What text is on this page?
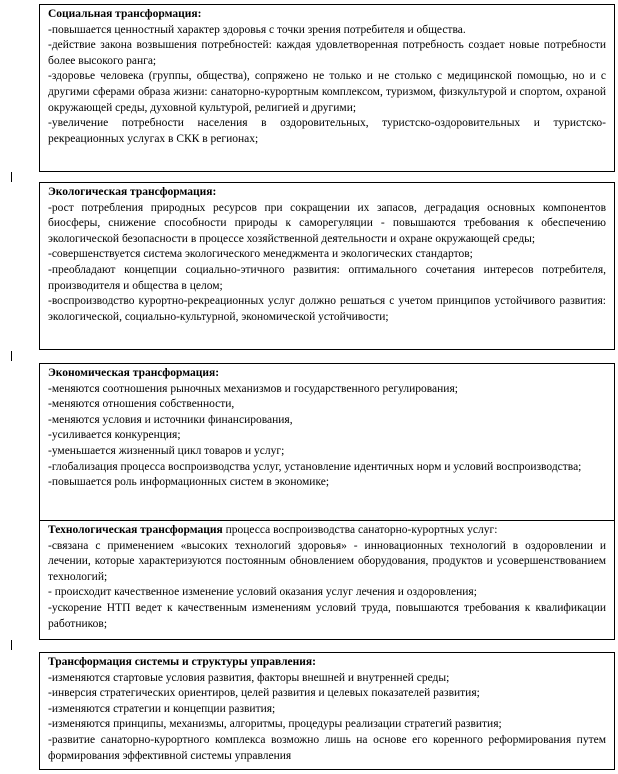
Социальная трансформация:
-повышается ценностный характер здоровья с точки зрения потребителя и общества.
-действие закона возвышения потребностей: каждая удовлетворенная потребность создает новые потребности более высокого ранга;
-здоровье человека (группы, общества), сопряжено не только и не столько с медицинской помощью, но и с другими сферами образа жизни: санаторно-курортным комплексом, туризмом, физкультурой и спортом, охраной окружающей среды, духовной культурой, религией и другими;
-увеличение потребности населения в оздоровительных, туристско-оздоровительных и туристско-рекреационных услугах в СКК в регионах;
Экологическая трансформация:
-рост потребления природных ресурсов при сокращении их запасов, деградация основных компонентов биосферы, снижение способности природы к саморегуляции - повышаются требования к обеспечению экологической безопасности в процессе хозяйственной деятельности и охране окружающей среды;
-совершенствуется система экологического менеджмента и экологических стандартов;
-преобладают концепции социально-этичного развития: оптимального сочетания интересов потребителя, производителя и общества в целом;
-воспроизводство курортно-рекреационных услуг должно решаться с учетом принципов устойчивого развития: экологической, социально-культурной, экономической устойчивости;
Экономическая трансформация:
-меняются соотношения рыночных механизмов и государственного регулирования;
-меняются отношения собственности,
-меняются условия и источники финансирования,
-усиливается конкуренция;
-уменьшается жизненный цикл товаров и услуг;
-глобализация процесса воспроизводства услуг, установление идентичных норм и условий воспроизводства;
-повышается роль информационных систем в экономике;
Технологическая трансформация процесса воспроизводства санаторно-курортных услуг:
-связана с применением «высоких технологий здоровья» - инновационных технологий в оздоровлении и лечении, которые характеризуются постоянным обновлением оборудования, продуктов и усовершенствованием технологий;
- происходит качественное изменение условий оказания услуг лечения и оздоровления;
-ускорение НТП ведет к качественным изменениям условий труда, повышаются требования к квалификации работников;
Трансформация системы и структуры управления:
-изменяются стартовые условия развития, факторы внешней и внутренней среды;
-инверсия стратегических ориентиров, целей развития и целевых показателей развития;
-изменяются стратегии и концепции развития;
-изменяются принципы, механизмы, алгоритмы, процедуры реализации стратегий развития;
-развитие санаторно-курортного комплекса возможно лишь на основе его коренного реформирования путем формирования эффективной системы управления
